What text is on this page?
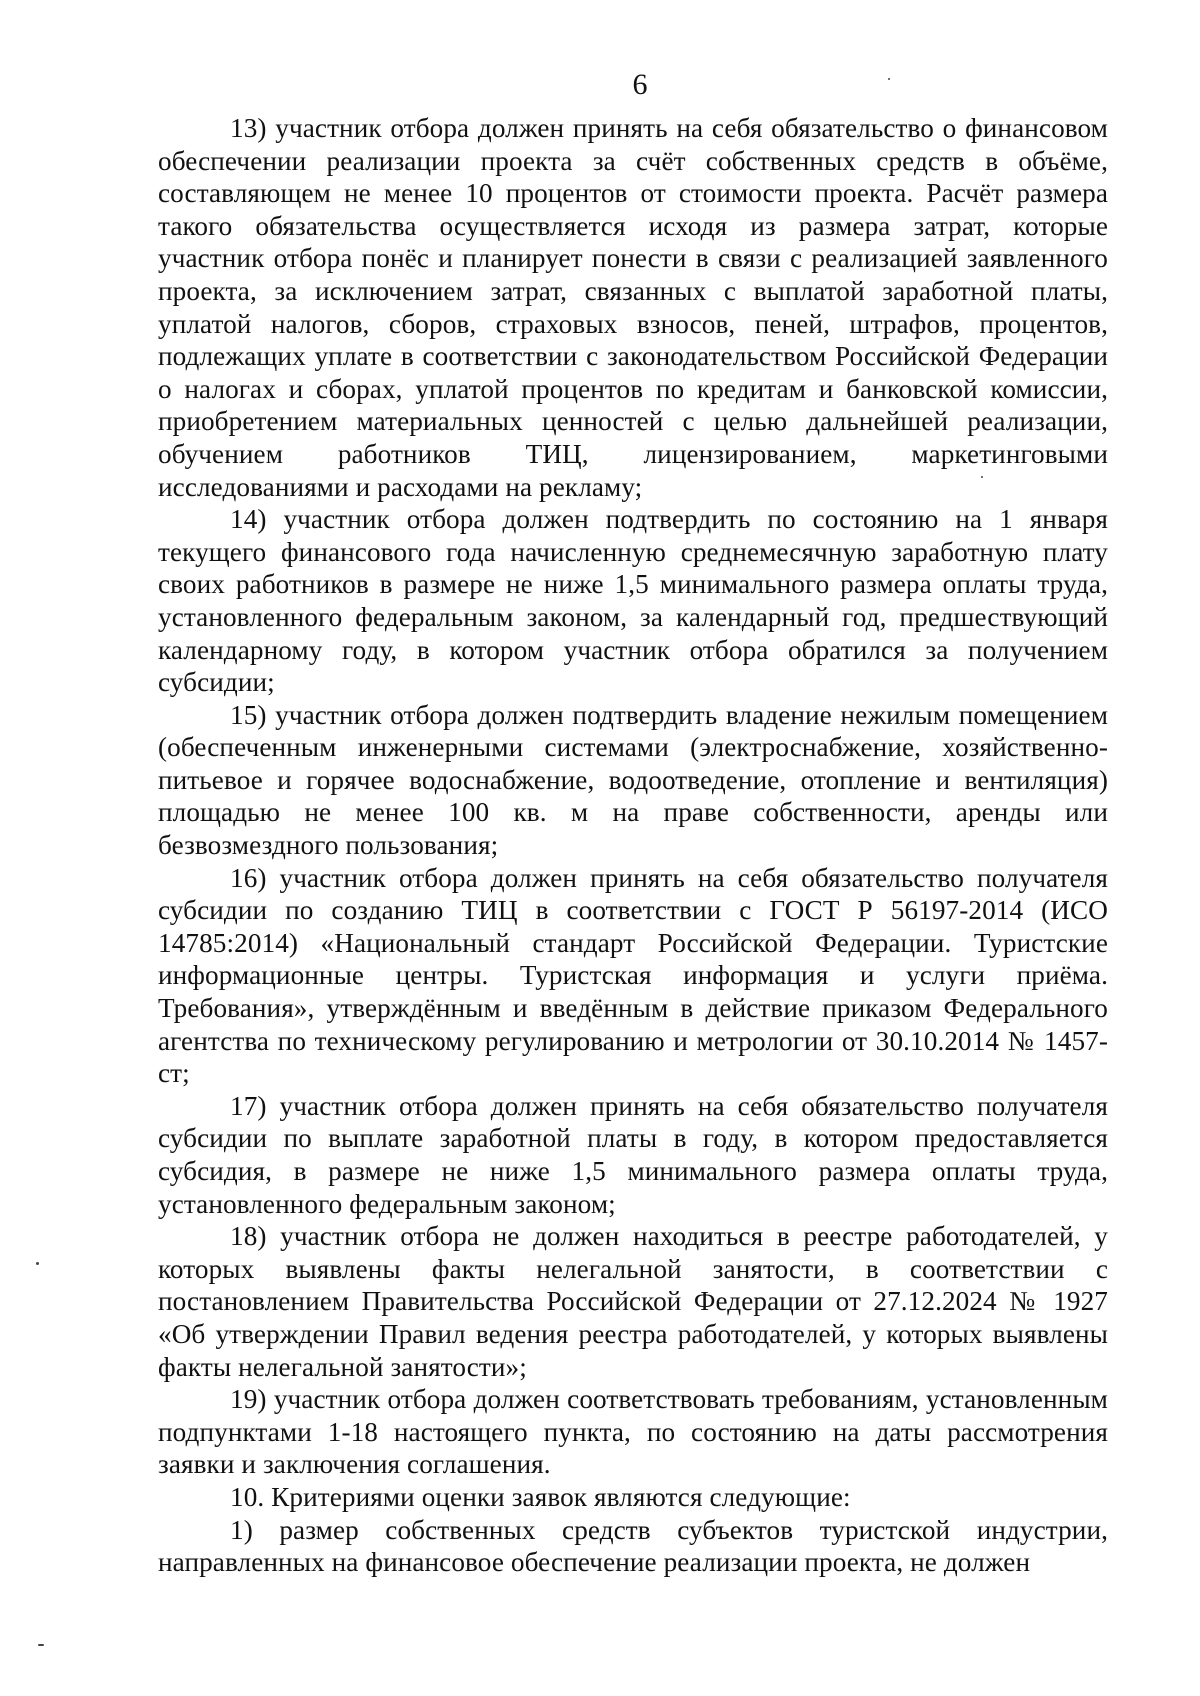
6

13) участник отбора должен принять на себя обязательство о финансовом обеспечении реализации проекта за счёт собственных средств в объёме, составляющем не менее 10 процентов от стоимости проекта. Расчёт размера такого обязательства осуществляется исходя из размера затрат, которые участник отбора понёс и планирует понести в связи с реализацией заявленного проекта, за исключением затрат, связанных с выплатой заработной платы, уплатой налогов, сборов, страховых взносов, пеней, штрафов, процентов, подлежащих уплате в соответствии с законодательством Российской Федерации о налогах и сборах, уплатой процентов по кредитам и банковской комиссии, приобретением материальных ценностей с целью дальнейшей реализации, обучением работников ТИЦ, лицензированием, маркетинговыми исследованиями и расходами на рекламу;

14) участник отбора должен подтвердить по состоянию на 1 января текущего финансового года начисленную среднемесячную заработную плату своих работников в размере не ниже 1,5 минимального размера оплаты труда, установленного федеральным законом, за календарный год, предшествующий календарному году, в котором участник отбора обратился за получением субсидии;

15) участник отбора должен подтвердить владение нежилым помещением (обеспеченным инженерными системами (электроснабжение, хозяйственно-питьевое и горячее водоснабжение, водоотведение, отопление и вентиляция) площадью не менее 100 кв. м на праве собственности, аренды или безвозмездного пользования;

16) участник отбора должен принять на себя обязательство получателя субсидии по созданию ТИЦ в соответствии с ГОСТ Р 56197-2014 (ИСО 14785:2014) «Национальный стандарт Российской Федерации. Туристские информационные центры. Туристская информация и услуги приёма. Требования», утверждённым и введённым в действие приказом Федерального агентства по техническому регулированию и метрологии от 30.10.2014 № 1457-ст;

17) участник отбора должен принять на себя обязательство получателя субсидии по выплате заработной платы в году, в котором предоставляется субсидия, в размере не ниже 1,5 минимального размера оплаты труда, установленного федеральным законом;

18) участник отбора не должен находиться в реестре работодателей, у которых выявлены факты нелегальной занятости, в соответствии с постановлением Правительства Российской Федерации от 27.12.2024 № 1927 «Об утверждении Правил ведения реестра работодателей, у которых выявлены факты нелегальной занятости»;

19) участник отбора должен соответствовать требованиям, установленным подпунктами 1-18 настоящего пункта, по состоянию на даты рассмотрения заявки и заключения соглашения.

10. Критериями оценки заявок являются следующие:

1) размер собственных средств субъектов туристской индустрии, направленных на финансовое обеспечение реализации проекта, не должен
